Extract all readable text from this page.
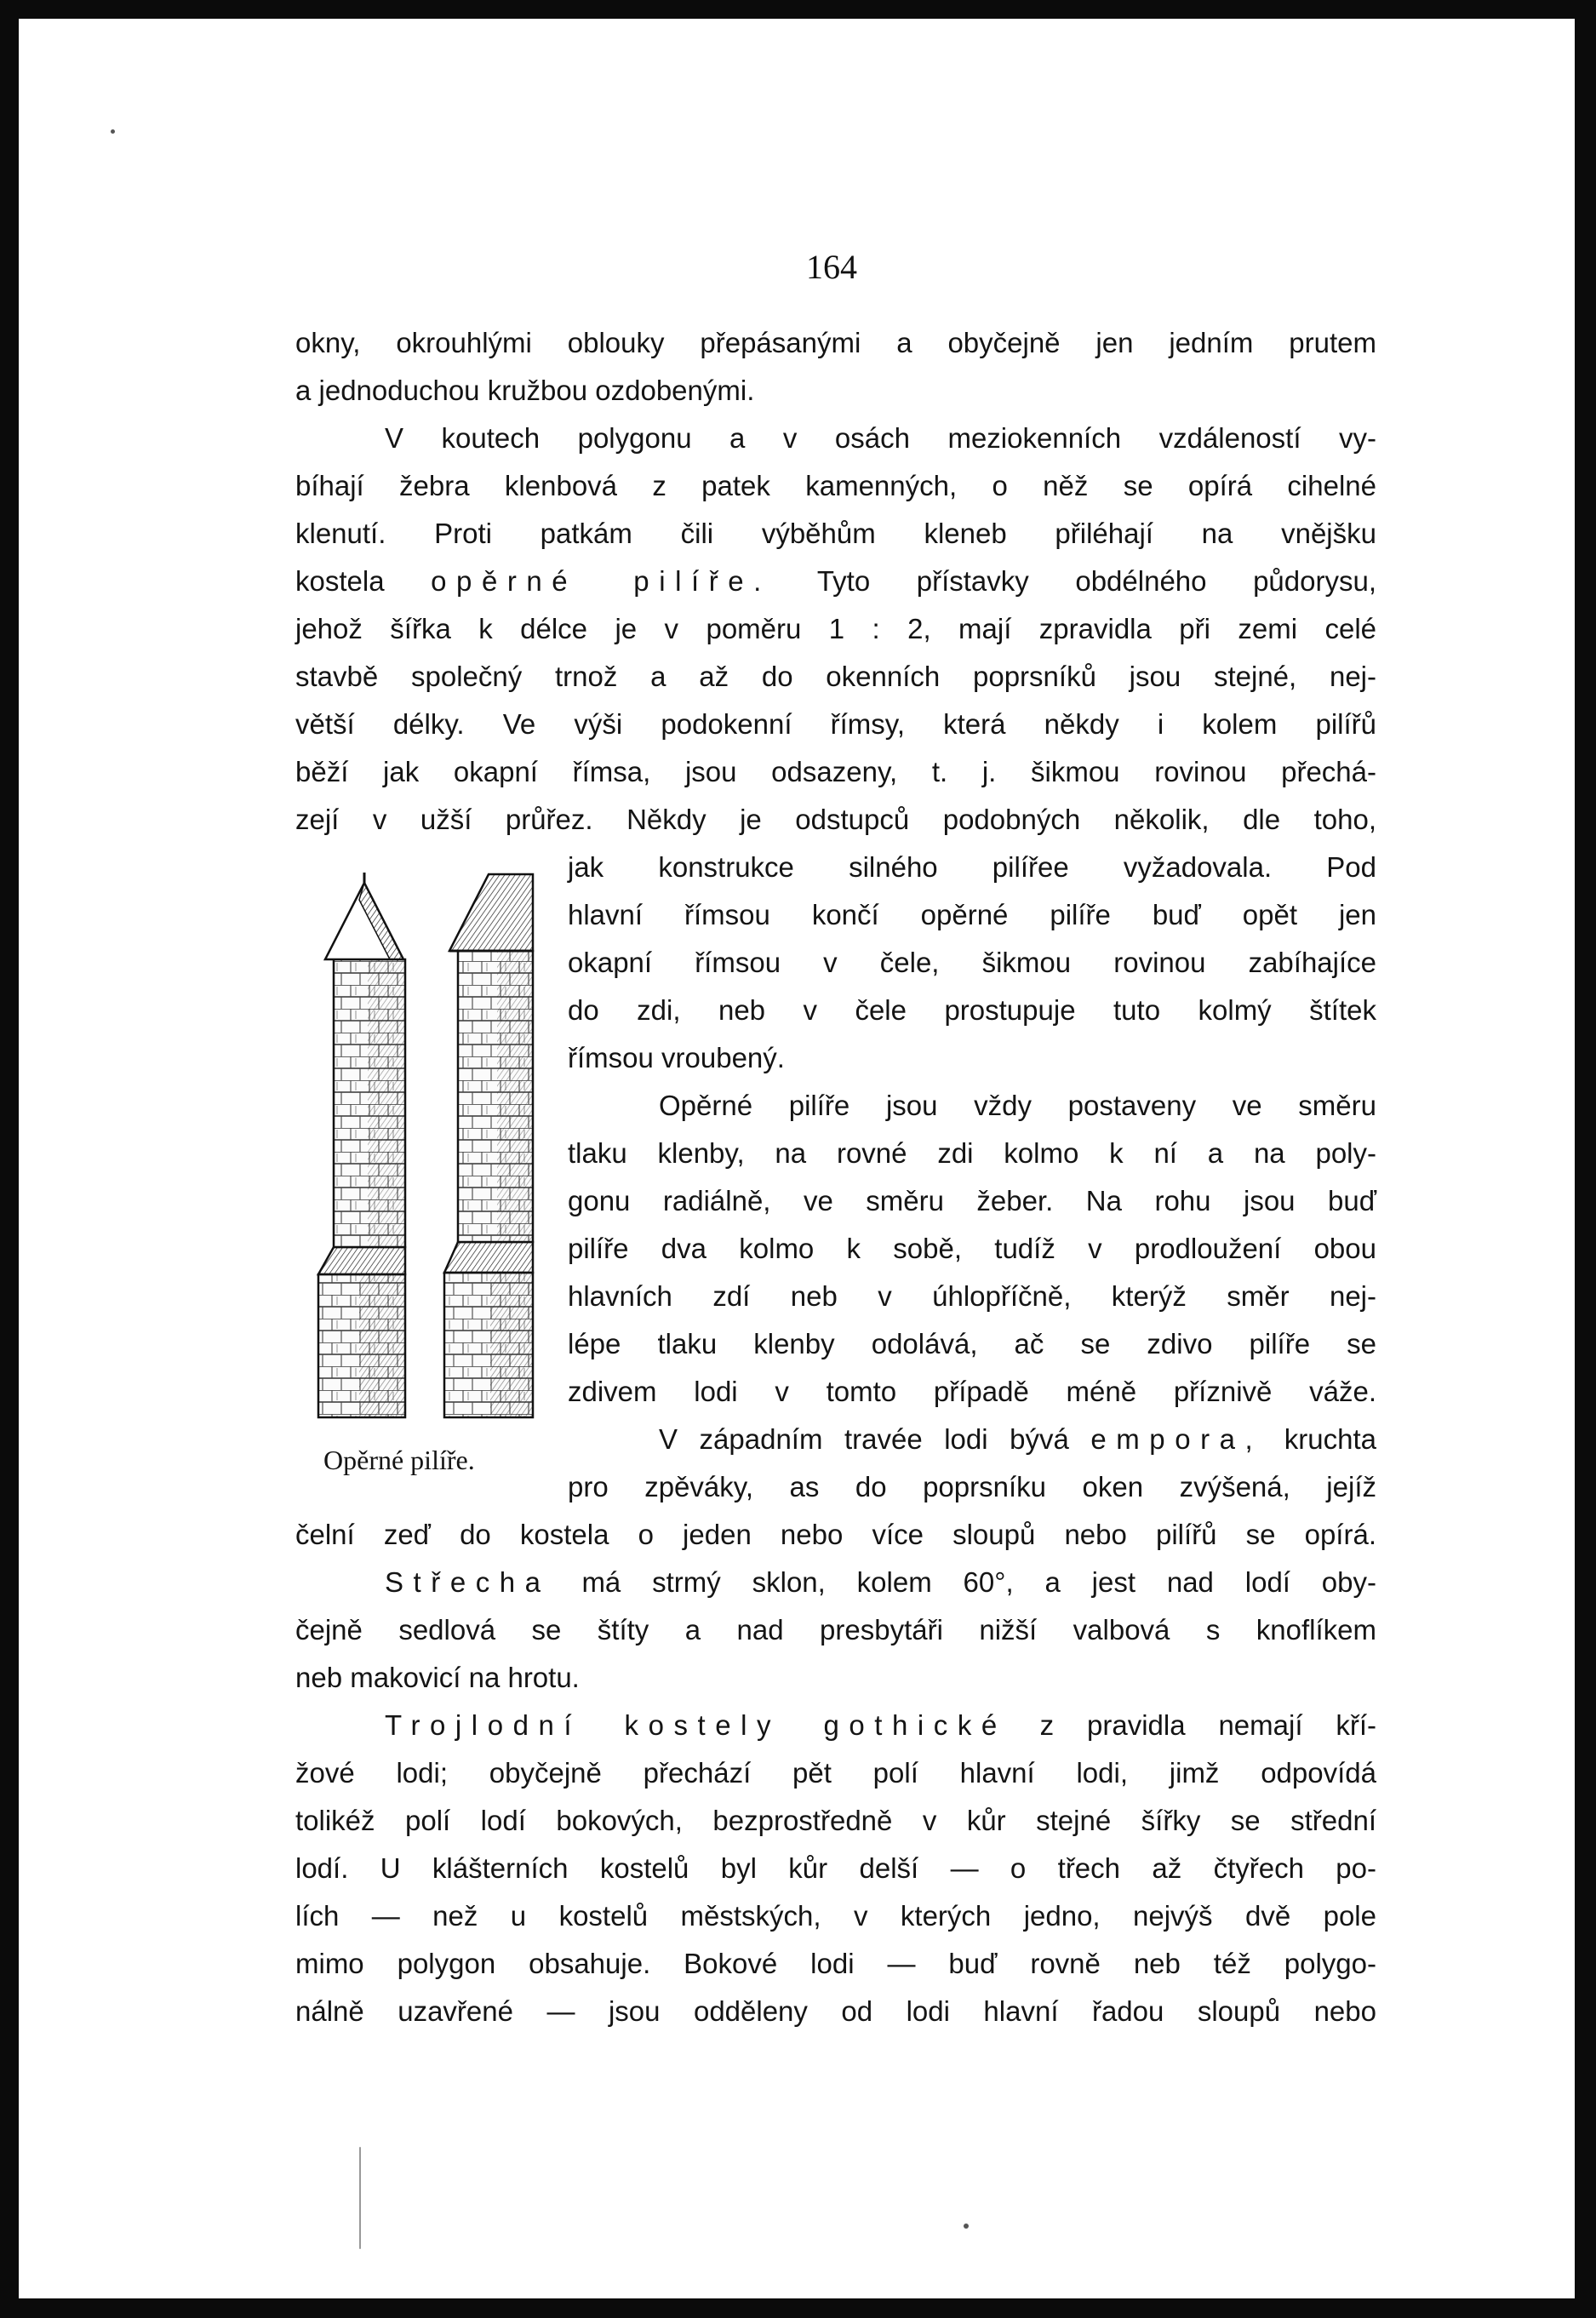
164

okny, okrouhlými oblouky přepásanými a obyčejně jen jedním prutem

a jednoduchou kružbou ozdobenými.

V koutech polygonu a v osách meziokenních vzdáleností vy-

bíhají žebra klenbová z patek kamenných, o něž se opírá cihelné

klenutí. Proti patkám čili výběhům kleneb přiléhají na vnějšku

kostela opěrné pilíře. Tyto přístavky obdélného půdorysu,

jehož šířka k délce je v poměru 1 : 2, mají zpravidla při zemi celé

stavbě společný trnož a až do okenních poprsníků jsou stejné, nej-

větší délky. Ve výši podokenní římsy, která někdy i kolem pilířů

běží jak okapní římsa, jsou odsazeny, t. j. šikmou rovinou přechá-

zejí v užší průřez. Někdy je odstupců podobných několik, dle toho,

jak konstrukce silného pilířee vyžadovala. Pod

hlavní římsou končí opěrné pilíře buď opět jen

okapní římsou v čele, šikmou rovinou zabíhajíce

do zdi, neb v čele prostupuje tuto kolmý štítek

římsou vroubený.

Opěrné pilíře jsou vždy postaveny ve směru

tlaku klenby, na rovné zdi kolmo k ní a na poly-

gonu radiálně, ve směru žeber. Na rohu jsou buď

pilíře dva kolmo k sobě, tudíž v prodloužení obou

hlavních zdí neb v úhlopříčně, kterýž směr nej-

lépe tlaku klenby odolává, ač se zdivo pilíře se

zdivem lodi v tomto případě méně příznivě váže.

V západním travée lodi bývá empora, kruchta

pro zpěváky, as do poprsníku oken zvýšená, jejíž

čelní zeď do kostela o jeden nebo více sloupů nebo pilířů se opírá.

Střecha má strmý sklon, kolem 60°, a jest nad lodí oby-

čejně sedlová se štíty a nad presbytáři nižší valbová s knoflíkem

neb makovicí na hrotu.

Trojlodní kostely gothické z pravidla nemají kří-

žové lodi; obyčejně přechází pět polí hlavní lodi, jimž odpovídá

tolikéž polí lodí bokových, bezprostředně v kůr stejné šířky se střední

lodí. U klášterních kostelů byl kůr delší — o třech až čtyřech po-

lích — než u kostelů městských, v kterých jedno, nejvýš dvě pole

mimo polygon obsahuje. Bokové lodi — buď rovně neb též polygo-

nálně uzavřené — jsou odděleny od lodi hlavní řadou sloupů nebo

Opěrné pilíře.
